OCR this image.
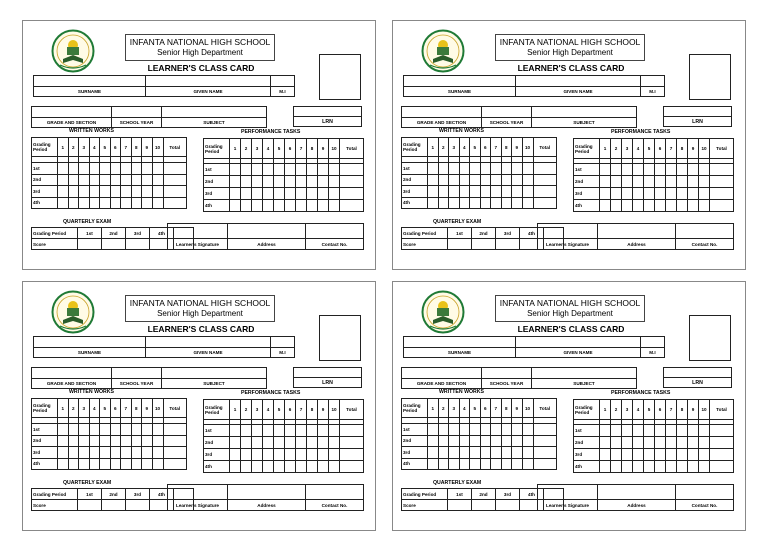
INFANTA NATIONAL HIGH SCHOOL
Senior High Department
LEARNER'S CLASS CARD

SURNAME	GIVEN NAME	M.I

GRADE AND SECTION	SCHOOL YEAR	SUBJECT	LRN
WRITTEN WORKS	PERFORMANCE TASKS
Grading Period	1	2	3	4	5	6	7	8	9	10	Total

1st											
2nd											
3rd											
4th											
Grading Period	1	2	3	4	5	6	7	8	9	10	Total

1st											
2nd											
3rd											
4th											
QUARTERLY EXAM
Grading Period	1st	2nd	3rd	4th	
Score					
			Learner's Signature	Address	Contact No.
INFANTA NATIONAL HIGH SCHOOL
Senior High Department
LEARNER'S CLASS CARD

SURNAME	GIVEN NAME	M.I

GRADE AND SECTION	SCHOOL YEAR	SUBJECT	LRN
WRITTEN WORKS	PERFORMANCE TASKS
Grading Period	1	2	3	4	5	6	7	8	9	10	Total

1st											
2nd											
3rd											
4th											
Grading Period	1	2	3	4	5	6	7	8	9	10	Total

1st											
2nd											
3rd											
4th											
QUARTERLY EXAM
Grading Period	1st	2nd	3rd	4th	
Score					
			Learner's Signature	Address	Contact No.
INFANTA NATIONAL HIGH SCHOOL
Senior High Department
LEARNER'S CLASS CARD

SURNAME	GIVEN NAME	M.I

GRADE AND SECTION	SCHOOL YEAR	SUBJECT	LRN
WRITTEN WORKS	PERFORMANCE TASKS
Grading Period	1	2	3	4	5	6	7	8	9	10	Total

1st											
2nd											
3rd											
4th											
Grading Period	1	2	3	4	5	6	7	8	9	10	Total

1st											
2nd											
3rd											
4th											
QUARTERLY EXAM
Grading Period	1st	2nd	3rd	4th	
Score					
			Learner's Signature	Address	Contact No.
INFANTA NATIONAL HIGH SCHOOL
Senior High Department
LEARNER'S CLASS CARD

SURNAME	GIVEN NAME	M.I

GRADE AND SECTION	SCHOOL YEAR	SUBJECT	LRN
WRITTEN WORKS	PERFORMANCE TASKS
Grading Period	1	2	3	4	5	6	7	8	9	10	Total

1st											
2nd											
3rd											
4th											
Grading Period	1	2	3	4	5	6	7	8	9	10	Total

1st											
2nd											
3rd											
4th											
QUARTERLY EXAM
Grading Period	1st	2nd	3rd	4th	
Score					
			Learner's Signature	Address	Contact No.
